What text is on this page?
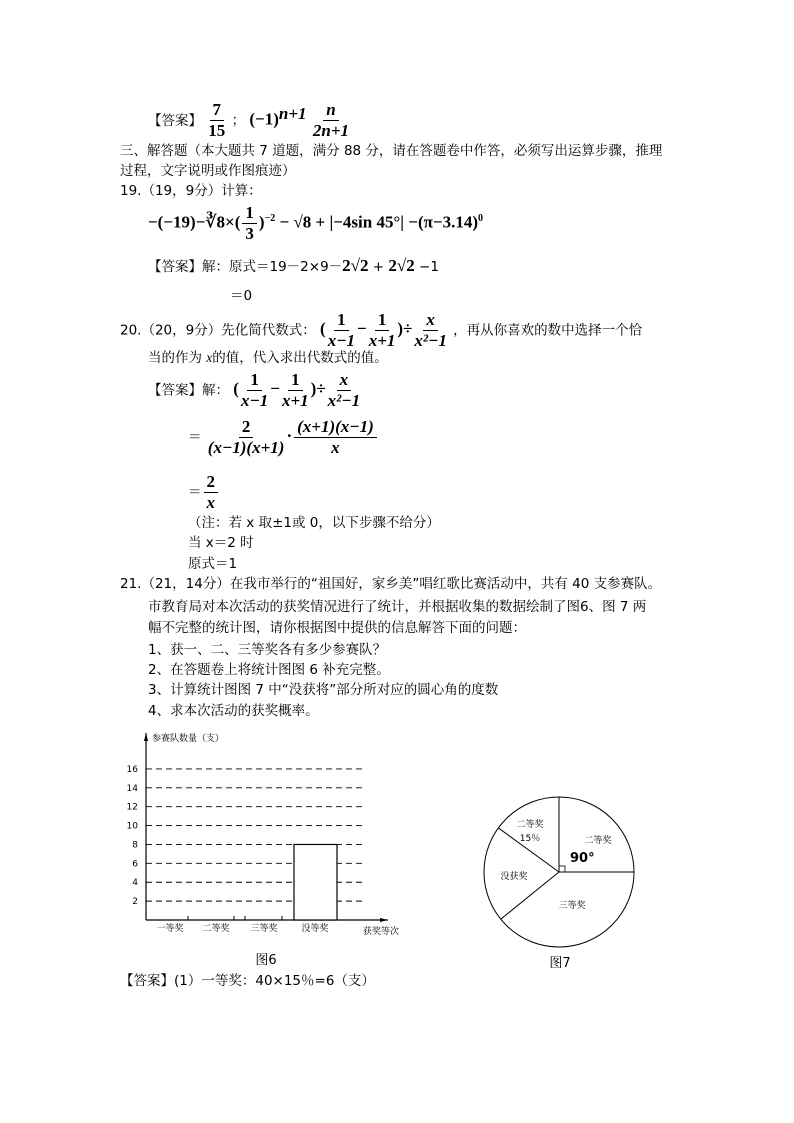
【答案】 $\frac{7}{15}$ ； $(-1)^{n+1} \frac{n}{2n+1}$
三、解答题（本大题共 7 道题，满分 88 分，请在答题卷中作答，必须写出运算步骤，推理
过程，文字说明或作图痕迹）
19.（19，9分）计算：
−(−19)−∛8×( $\frac{1}{3} )^{-2} - √8 + |-4\sin$ $45^\circ| -(\pi-3.14)^0$
【答案】解：原式＝19－2×9－2√2 + 2√2 −1
＝0
20.（20，9分）先化简代数式： ( $\frac{1}{x-1} - \frac{1}{x+1}$ )÷ $\frac{x}{\text{x²−1}}$ ，再从你喜欢的数中选择一个恰
当的作为 x的值，代入求出代数式的值。
【答案】解： ( $\frac{1}{x-1} - \frac{1}{x+1}$ )÷ $\frac{x}{\text{x²−1}}$
＝ $\frac{2}{(x-1)(x+1)} \cdot \frac{(x+1)(x-1)}{x}$
＝ $\frac{2}{x}$
（注：若 x 取±1或 0，以下步骤不给分）
当 x＝2 时
原式＝1
21.（21，14分）在我市举行的“祖国好，家乡美”唱红歌比赛活动中，共有 40 支参赛队。
市教育局对本次活动的获奖情况进行了统计，并根据收集的数据绘制了图6、图 7 两
幅不完整的统计图，请你根据图中提供的信息解答下面的问题：
1、获一、二、三等奖各有多少参赛队？
2、在答题卷上将统计图图 6 补充完整。
3、计算统计图图 7 中“没获将”部分所对应的圆心角的度数
4、求本次活动的获奖概率。
参赛队数量（支）
获奖等次
2
4
6
8
10
12
14
16
一等奖 二等奖 三等奖	没等奖
图6
二等奖
90°
二等奖
15％
没获奖
三等奖
图7
【答案】(1）一等奖：40×15％=6（支）
